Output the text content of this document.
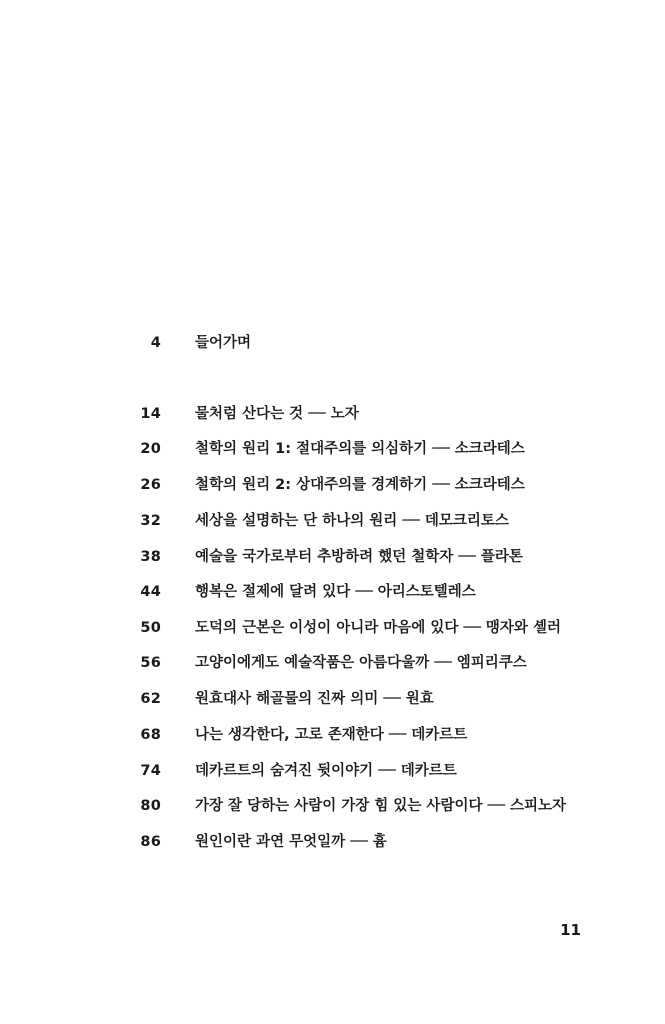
4 들어가며
14 물처럼 산다는 것 ── 노자
20 철학의 원리 1: 절대주의를 의심하기 ── 소크라테스
26 철학의 원리 2: 상대주의를 경계하기 ── 소크라테스
32 세상을 설명하는 단 하나의 원리 ── 데모크리토스
38 예술을 국가로부터 추방하려 했던 철학자 ── 플라톤
44 행복은 절제에 달려 있다 ── 아리스토텔레스
50 도덕의 근본은 이성이 아니라 마음에 있다 ── 맹자와 셸러
56 고양이에게도 예술작품은 아름다울까 ── 엠피리쿠스
62 원효대사 해골물의 진짜 의미 ── 원효
68 나는 생각한다, 고로 존재한다 ── 데카르트
74 데카르트의 숨겨진 뒷이야기 ── 데카르트
80 가장 잘 당하는 사람이 가장 힘 있는 사람이다 ── 스피노자
86 원인이란 과연 무엇일까 ── 흄
11
